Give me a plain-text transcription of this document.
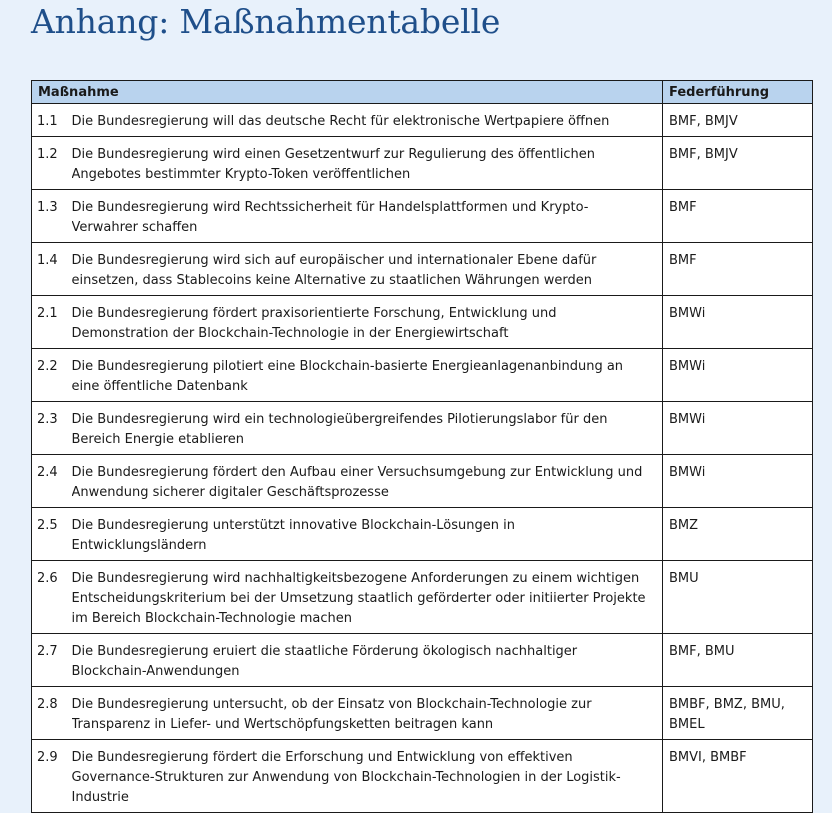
Anhang: Maßnahmentabelle
Maßnahme		Federführung
1.1	Die Bundesregierung will das deutsche Recht für elektronische Wertpapiere öffnen	BMF, BMJV
1.2	Die Bundesregierung wird einen Gesetzentwurf zur Regulierung des öffentlichen Angebotes bestimmter Krypto-Token veröffentlichen	BMF, BMJV
1.3	Die Bundesregierung wird Rechtssicherheit für Handelsplattformen und Krypto-Verwahrer schaffen	BMF
1.4	Die Bundesregierung wird sich auf europäischer und internationaler Ebene dafür einsetzen, dass Stablecoins keine Alternative zu staatlichen Währungen werden	BMF
2.1	Die Bundesregierung fördert praxisorientierte Forschung, Entwicklung und Demonstration der Blockchain-Technologie in der Energiewirtschaft	BMWi
2.2	Die Bundesregierung pilotiert eine Blockchain-basierte Energieanlagenanbindung an eine öffentliche Datenbank	BMWi
2.3	Die Bundesregierung wird ein technologieübergreifendes Pilotierungslabor für den Bereich Energie etablieren	BMWi
2.4	Die Bundesregierung fördert den Aufbau einer Versuchsumgebung zur Entwicklung und Anwendung sicherer digitaler Geschäftsprozesse	BMWi
2.5	Die Bundesregierung unterstützt innovative Blockchain-Lösungen in Entwicklungsländern	BMZ
2.6	Die Bundesregierung wird nachhaltigkeitsbezogene Anforderungen zu einem wichtigen Entscheidungskriterium bei der Umsetzung staatlich geförderter oder initiierter Projekte im Bereich Blockchain-Technologie machen	BMU
2.7	Die Bundesregierung eruiert die staatliche Förderung ökologisch nachhaltiger Blockchain-Anwendungen	BMF, BMU
2.8	Die Bundesregierung untersucht, ob der Einsatz von Blockchain-Technologie zur Transparenz in Liefer- und Wertschöpfungsketten beitragen kann	BMBF, BMZ, BMU, BMEL
2.9	Die Bundesregierung fördert die Erforschung und Entwicklung von effektiven Governance-Strukturen zur Anwendung von Blockchain-Technologien in der Logistik-Industrie	BMVI, BMBF
